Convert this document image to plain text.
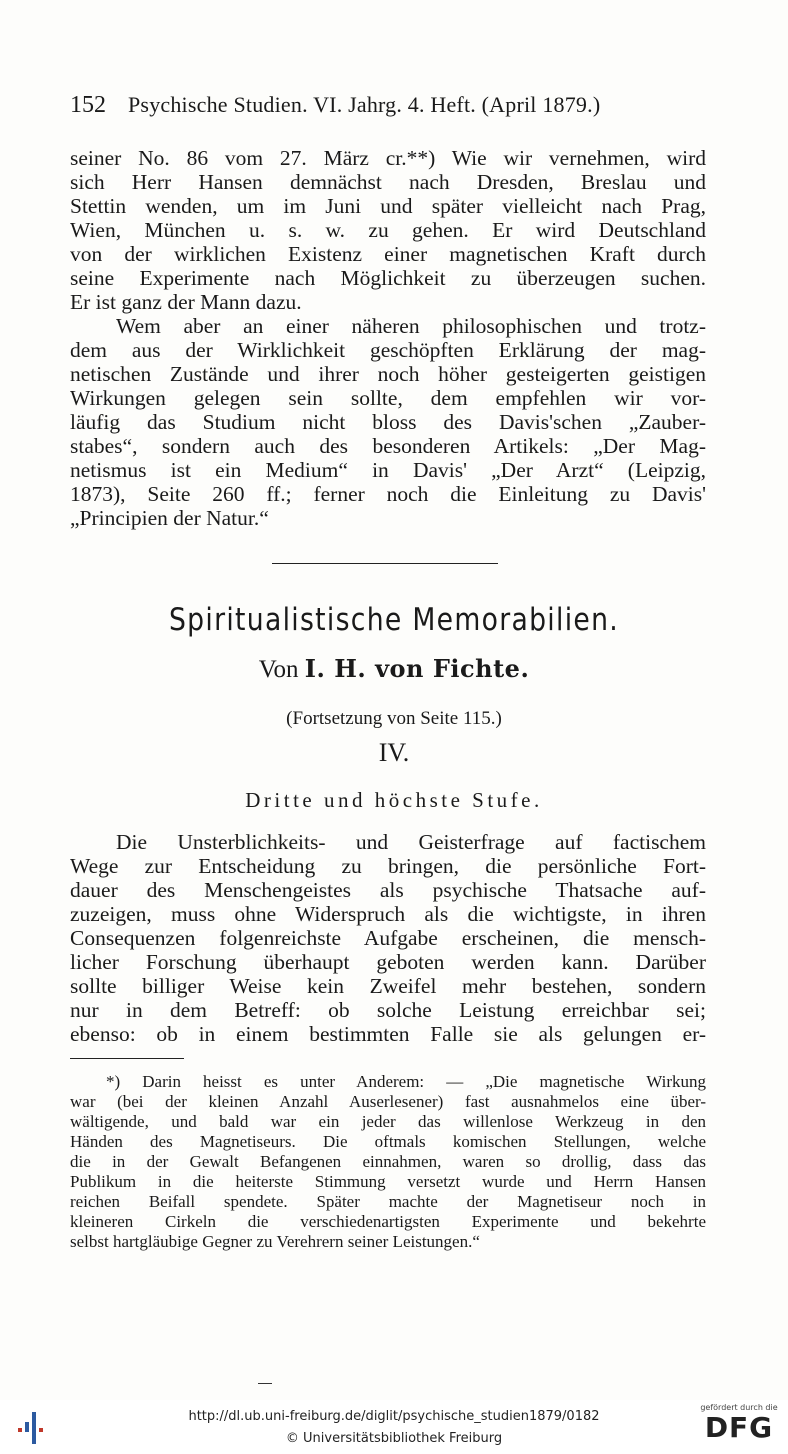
152	Psychische Studien. VI. Jahrg. 4. Heft. (April 1879.)
seiner No. 86 vom 27. März cr.**) Wie wir vernehmen, wird
sich Herr Hansen demnächst nach Dresden, Breslau und
Stettin wenden, um im Juni und später vielleicht nach Prag,
Wien, München u. s. w. zu gehen. Er wird Deutschland
von der wirklichen Existenz einer magnetischen Kraft durch
seine Experimente nach Möglichkeit zu überzeugen suchen.
Er ist ganz der Mann dazu.
Wem aber an einer näheren philosophischen und trotz-
dem aus der Wirklichkeit geschöpften Erklärung der mag-
netischen Zustände und ihrer noch höher gesteigerten geistigen
Wirkungen gelegen sein sollte, dem empfehlen wir vor-
läufig das Studium nicht bloss des Davis'schen „Zauber-
stabes“, sondern auch des besonderen Artikels: „Der Mag-
netismus ist ein Medium“ in Davis' „Der Arzt“ (Leipzig,
1873), Seite 260 ff.; ferner noch die Einleitung zu Davis'
„Principien der Natur.“
Spiritualistische Memorabilien.
Von I. H. von Fichte.
(Fortsetzung von Seite 115.)
IV.
Dritte und höchste Stufe.
Die Unsterblichkeits- und Geisterfrage auf factischem
Wege zur Entscheidung zu bringen, die persönliche Fort-
dauer des Menschengeistes als psychische Thatsache auf-
zuzeigen, muss ohne Widerspruch als die wichtigste, in ihren
Consequenzen folgenreichste Aufgabe erscheinen, die mensch-
licher Forschung überhaupt geboten werden kann. Darüber
sollte billiger Weise kein Zweifel mehr bestehen, sondern
nur in dem Betreff: ob solche Leistung erreichbar sei;
ebenso: ob in einem bestimmten Falle sie als gelungen er-
*) Darin heisst es unter Anderem: — „Die magnetische Wirkung
war (bei der kleinen Anzahl Auserlesener) fast ausnahmelos eine über-
wältigende, und bald war ein jeder das willenlose Werkzeug in den
Händen des Magnetiseurs. Die oftmals komischen Stellungen, welche
die in der Gewalt Befangenen einnahmen, waren so drollig, dass das
Publikum in die heiterste Stimmung versetzt wurde und Herrn Hansen
reichen Beifall spendete. Später machte der Magnetiseur noch in
kleineren Cirkeln die verschiedenartigsten Experimente und bekehrte
selbst hartgläubige Gegner zu Verehrern seiner Leistungen.“
http://dl.ub.uni-freiburg.de/diglit/psychische_studien1879/0182
© Universitätsbibliothek Freiburg
gefördert durch die
DFG
